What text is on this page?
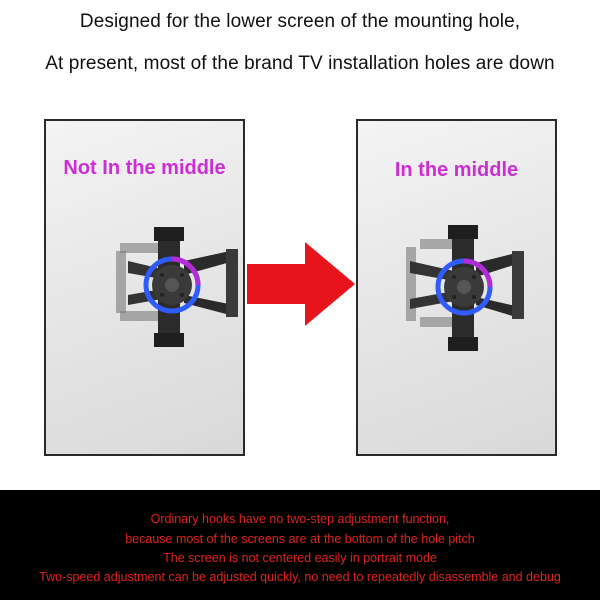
Designed for the lower screen of the mounting hole,
At present, most of the brand TV installation holes are down
Not In the middle	In the middle
Ordinary hooks have no two-step adjustment function,
because most of the screens are at the bottom of the hole pitch
The screen is not centered easily in portrait mode
Two-speed adjustment can be adjusted quickly, no need to repeatedly disassemble and debug
